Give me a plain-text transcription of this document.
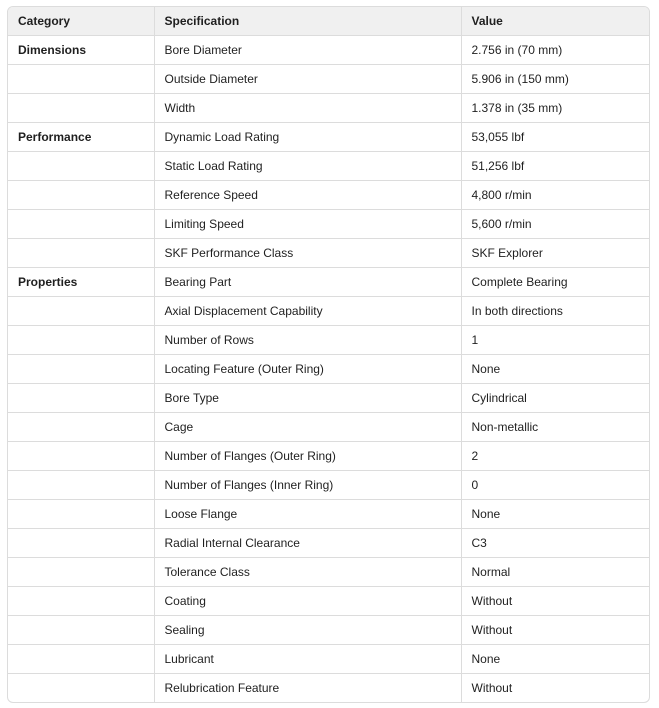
Category	Specification	Value
Dimensions	Bore Diameter	2.756 in (70 mm)
	Outside Diameter	5.906 in (150 mm)
	Width	1.378 in (35 mm)
Performance	Dynamic Load Rating	53,055 lbf
	Static Load Rating	51,256 lbf
	Reference Speed	4,800 r/min
	Limiting Speed	5,600 r/min
	SKF Performance Class	SKF Explorer
Properties	Bearing Part	Complete Bearing
	Axial Displacement Capability	In both directions
	Number of Rows	1
	Locating Feature (Outer Ring)	None
	Bore Type	Cylindrical
	Cage	Non-metallic
	Number of Flanges (Outer Ring)	2
	Number of Flanges (Inner Ring)	0
	Loose Flange	None
	Radial Internal Clearance	C3
	Tolerance Class	Normal
	Coating	Without
	Sealing	Without
	Lubricant	None
	Relubrication Feature	Without
